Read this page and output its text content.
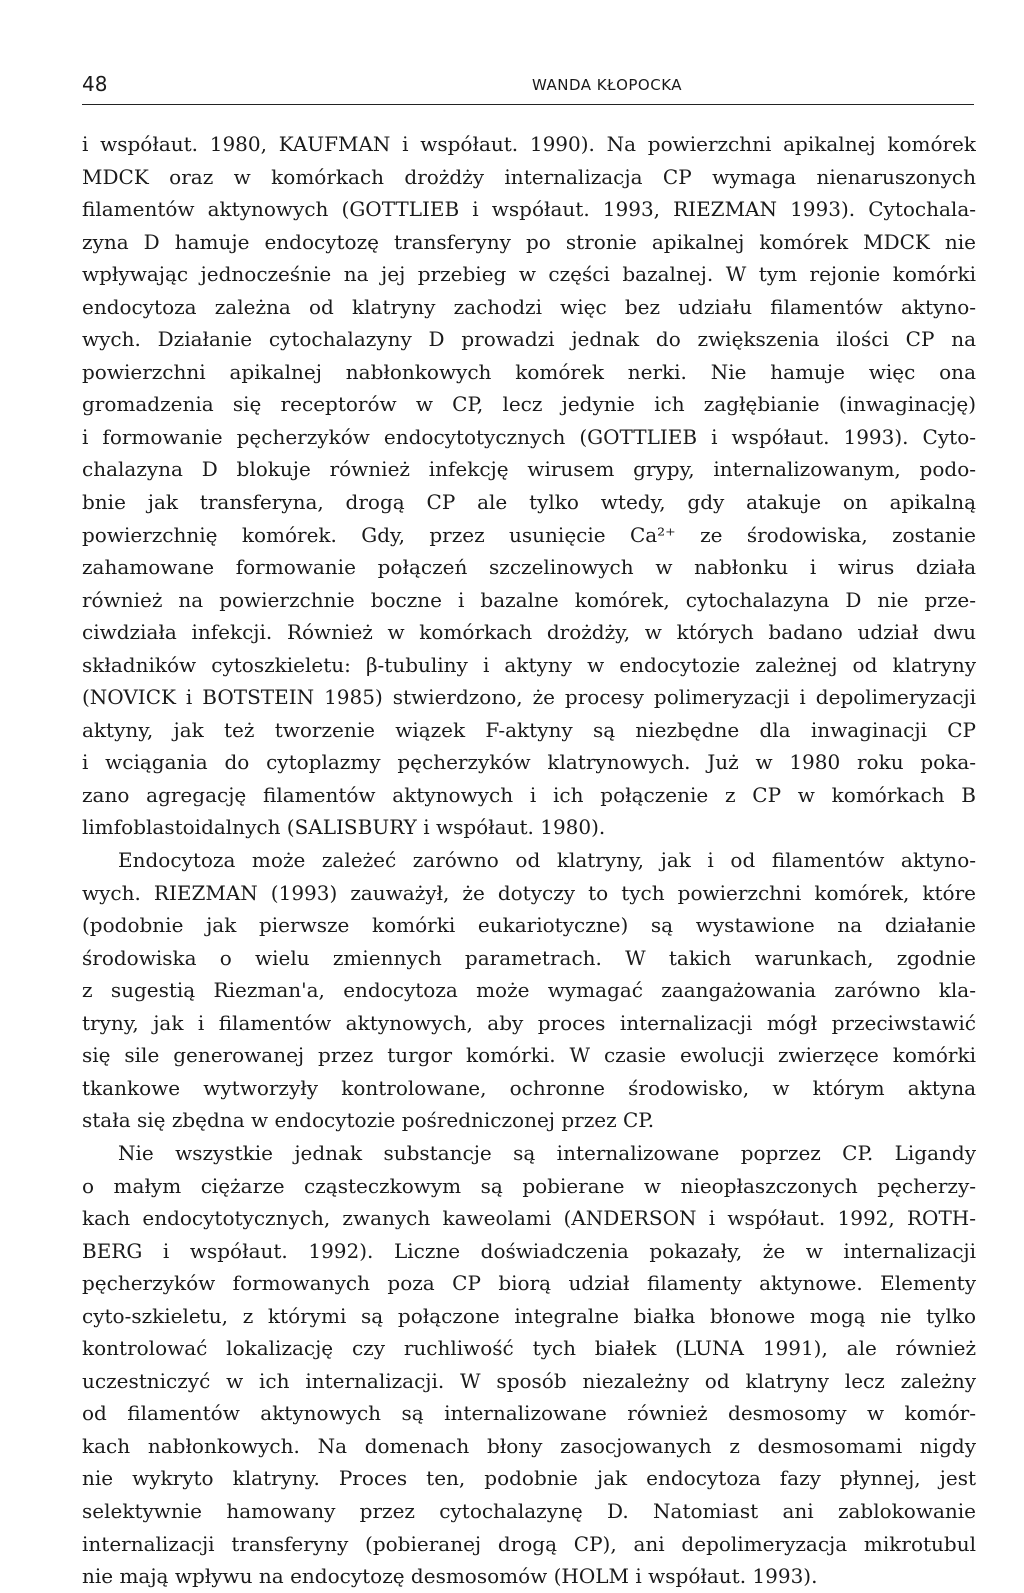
48	WANDA KŁOPOCKA
i współaut. 1980, KAUFMAN i współaut. 1990). Na powierzchni apikalnej komórek
MDCK oraz w komórkach drożdży internalizacja CP wymaga nienaruszonych
filamentów aktynowych (GOTTLIEB i współaut. 1993, RIEZMAN 1993). Cytochala-
zyna D hamuje endocytozę transferyny po stronie apikalnej komórek MDCK nie
wpływając jednocześnie na jej przebieg w części bazalnej. W tym rejonie komórki
endocytoza zależna od klatryny zachodzi więc bez udziału filamentów aktyno-
wych. Działanie cytochalazyny D prowadzi jednak do zwiększenia ilości CP na
powierzchni apikalnej nabłonkowych komórek nerki. Nie hamuje więc ona
gromadzenia się receptorów w CP, lecz jedynie ich zagłębianie (inwaginację)
i formowanie pęcherzyków endocytotycznych (GOTTLIEB i współaut. 1993). Cyto-
chalazyna D blokuje również infekcję wirusem grypy, internalizowanym, podo-
bnie jak transferyna, drogą CP ale tylko wtedy, gdy atakuje on apikalną
powierzchnię komórek. Gdy, przez usunięcie Ca²⁺ ze środowiska, zostanie
zahamowane formowanie połączeń szczelinowych w nabłonku i wirus działa
również na powierzchnie boczne i bazalne komórek, cytochalazyna D nie prze-
ciwdziała infekcji. Również w komórkach drożdży, w których badano udział dwu
składników cytoszkieletu: β-tubuliny i aktyny w endocytozie zależnej od klatryny
(NOVICK i BOTSTEIN 1985) stwierdzono, że procesy polimeryzacji i depolimeryzacji
aktyny, jak też tworzenie wiązek F-aktyny są niezbędne dla inwaginacji CP
i wciągania do cytoplazmy pęcherzyków klatrynowych. Już w 1980 roku poka-
zano agregację filamentów aktynowych i ich połączenie z CP w komórkach B
limfoblastoidalnych (SALISBURY i współaut. 1980).
Endocytoza może zależeć zarówno od klatryny, jak i od filamentów aktyno-
wych. RIEZMAN (1993) zauważył, że dotyczy to tych powierzchni komórek, które
(podobnie jak pierwsze komórki eukariotyczne) są wystawione na działanie
środowiska o wielu zmiennych parametrach. W takich warunkach, zgodnie
z sugestią Riezman'a, endocytoza może wymagać zaangażowania zarówno kla-
tryny, jak i filamentów aktynowych, aby proces internalizacji mógł przeciwstawić
się sile generowanej przez turgor komórki. W czasie ewolucji zwierzęce komórki
tkankowe wytworzyły kontrolowane, ochronne środowisko, w którym aktyna
stała się zbędna w endocytozie pośredniczonej przez CP.
Nie wszystkie jednak substancje są internalizowane poprzez CP. Ligandy
o małym ciężarze cząsteczkowym są pobierane w nieopłaszczonych pęcherzy-
kach endocytotycznych, zwanych kaweolami (ANDERSON i współaut. 1992, ROTH-
BERG i współaut. 1992). Liczne doświadczenia pokazały, że w internalizacji
pęcherzyków formowanych poza CP biorą udział filamenty aktynowe. Elementy
cyto-szkieletu, z którymi są połączone integralne białka błonowe mogą nie tylko
kontrolować lokalizację czy ruchliwość tych białek (LUNA 1991), ale również
uczestniczyć w ich internalizacji. W sposób niezależny od klatryny lecz zależny
od filamentów aktynowych są internalizowane również desmosomy w komór-
kach nabłonkowych. Na domenach błony zasocjowanych z desmosomami nigdy
nie wykryto klatryny. Proces ten, podobnie jak endocytoza fazy płynnej, jest
selektywnie hamowany przez cytochalazynę D. Natomiast ani zablokowanie
internalizacji transferyny (pobieranej drogą CP), ani depolimeryzacja mikrotubul
nie mają wpływu na endocytozę desmosomów (HOLM i współaut. 1993).
